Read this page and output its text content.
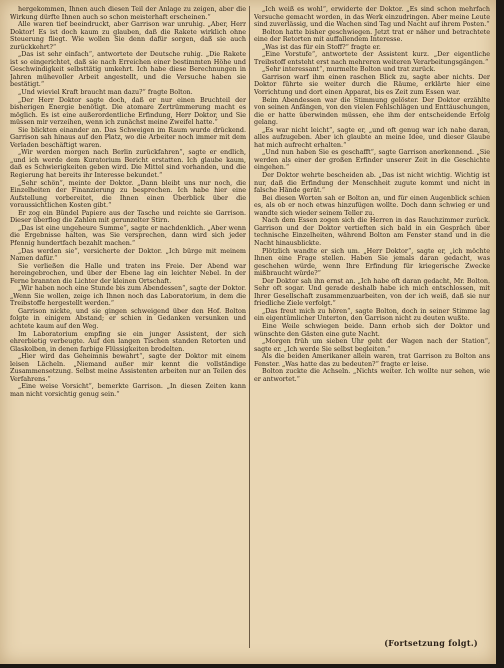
hergekommen, Ihnen auch diesen Teil der Anlage zu zeigen, aber die Wirkung dürfte Ihnen auch so schon meisterhaft erscheinen.“

Alle waren tief beeindruckt, aber Garrison war unruhig. „Aber, Herr Doktor! Es ist doch kaum zu glauben, daß die Rakete wirklich ohne Steuerung fliegt. Wie wollen Sie denn dafür sorgen, daß sie auch zurückkehrt?“

„Das ist sehr einfach“, antwortete der Deutsche ruhig. „Die Rakete ist so eingerichtet, daß sie nach Erreichen einer bestimmten Höhe und Geschwindigkeit selbsttätig umkehrt. Ich habe diese Berechnungen in Jahren mühevoller Arbeit angestellt, und die Versuche haben sie bestätigt.“

„Und wieviel Kraft braucht man dazu?“ fragte Bolton.

„Der Herr Doktor sagte doch, daß er nur einen Bruchteil der bisherigen Energie benötigt. Die atomare Zertrümmerung macht es möglich. Es ist eine außerordentliche Erfindung, Herr Doktor, und Sie müssen mir verzeihen, wenn ich zunächst meine Zweifel hatte.“

Sie blickten einander an. Das Schweigen im Raum wurde drückend. Garrison sah hinaus auf den Platz, wo die Arbeiter noch immer mit dem Verladen beschäftigt waren.

„Wir werden morgen nach Berlin zurückfahren“, sagte er endlich, „und ich werde dem Kuratorium Bericht erstatten. Ich glaube kaum, daß es Schwierigkeiten geben wird. Die Mittel sind vorhanden, und die Regierung hat bereits ihr Interesse bekundet.“

„Sehr schön“, meinte der Doktor. „Dann bleibt uns nur noch, die Einzelheiten der Finanzierung zu besprechen. Ich habe hier eine Aufstellung vorbereitet, die Ihnen einen Überblick über die voraussichtlichen Kosten gibt.“

Er zog ein Bündel Papiere aus der Tasche und reichte sie Garrison. Dieser überflog die Zahlen mit gerunzelter Stirn.

„Das ist eine ungeheure Summe“, sagte er nachdenklich. „Aber wenn die Ergebnisse halten, was Sie versprechen, dann wird sich jeder Pfennig hundertfach bezahlt machen.“

„Das werden sie“, versicherte der Doktor. „Ich bürge mit meinem Namen dafür.“

Sie verließen die Halle und traten ins Freie. Der Abend war hereingebrochen, und über der Ebene lag ein leichter Nebel. In der Ferne brannten die Lichter der kleinen Ortschaft.

„Wir haben noch eine Stunde bis zum Abendessen“, sagte der Doktor. „Wenn Sie wollen, zeige ich Ihnen noch das Laboratorium, in dem die Treibstoffe hergestellt werden.“

Garrison nickte, und sie gingen schweigend über den Hof. Bolton folgte in einigem Abstand; er schien in Gedanken versunken und achtete kaum auf den Weg.

Im Laboratorium empfing sie ein junger Assistent, der sich ehrerbietig verbeugte. Auf den langen Tischen standen Retorten und Glaskolben, in denen farbige Flüssigkeiten brodelten.

„Hier wird das Geheimnis bewahrt“, sagte der Doktor mit einem leisen Lächeln. „Niemand außer mir kennt die vollständige Zusammensetzung. Selbst meine Assistenten arbeiten nur an Teilen des Verfahrens.“

„Eine weise Vorsicht“, bemerkte Garrison. „In diesen Zeiten kann man nicht vorsichtig genug sein.“

„Ich weiß es wohl“, erwiderte der Doktor. „Es sind schon mehrfach Versuche gemacht worden, in das Werk einzudringen. Aber meine Leute sind zuverlässig, und die Wachen sind Tag und Nacht auf ihrem Posten.“

Bolton hatte bisher geschwiegen. Jetzt trat er näher und betrachtete eine der Retorten mit auffallendem Interesse.

„Was ist das für ein Stoff?“ fragte er.

„Eine Vorstufe“, antwortete der Assistent kurz. „Der eigentliche Treibstoff entsteht erst nach mehreren weiteren Verarbeitungsgängen.“

„Sehr interessant“, murmelte Bolton und trat zurück.

Garrison warf ihm einen raschen Blick zu, sagte aber nichts. Der Doktor führte sie weiter durch die Räume, erklärte hier eine Vorrichtung und dort einen Apparat, bis es Zeit zum Essen war.

Beim Abendessen war die Stimmung gelöster. Der Doktor erzählte von seinen Anfängen, von den vielen Fehlschlägen und Enttäuschungen, die er hatte überwinden müssen, ehe ihm der entscheidende Erfolg gelang.

„Es war nicht leicht“, sagte er, „und oft genug war ich nahe daran, alles aufzugeben. Aber ich glaubte an meine Idee, und dieser Glaube hat mich aufrecht erhalten.“

„Und nun haben Sie es geschafft“, sagte Garrison anerkennend. „Sie werden als einer der großen Erfinder unserer Zeit in die Geschichte eingehen.“

Der Doktor wehrte bescheiden ab. „Das ist nicht wichtig. Wichtig ist nur, daß die Erfindung der Menschheit zugute kommt und nicht in falsche Hände gerät.“

Bei diesen Worten sah er Bolton an, und für einen Augenblick schien es, als ob er noch etwas hinzufügen wollte. Doch dann schwieg er und wandte sich wieder seinem Teller zu.

Nach dem Essen zogen sich die Herren in das Rauchzimmer zurück. Garrison und der Doktor vertieften sich bald in ein Gespräch über technische Einzelheiten, während Bolton am Fenster stand und in die Nacht hinausblickte.

Plötzlich wandte er sich um. „Herr Doktor“, sagte er, „ich möchte Ihnen eine Frage stellen. Haben Sie jemals daran gedacht, was geschehen würde, wenn Ihre Erfindung für kriegerische Zwecke mißbraucht würde?“

Der Doktor sah ihn ernst an. „Ich habe oft daran gedacht, Mr. Bolton. Sehr oft sogar. Und gerade deshalb habe ich mich entschlossen, mit Ihrer Gesellschaft zusammenzuarbeiten, von der ich weiß, daß sie nur friedliche Ziele verfolgt.“

„Das freut mich zu hören“, sagte Bolton, doch in seiner Stimme lag ein eigentümlicher Unterton, den Garrison nicht zu deuten wußte.

Eine Weile schwiegen beide. Dann erhob sich der Doktor und wünschte den Gästen eine gute Nacht.

„Morgen früh um sieben Uhr geht der Wagen nach der Station“, sagte er. „Ich werde Sie selbst begleiten.“

Als die beiden Amerikaner allein waren, trat Garrison zu Bolton ans Fenster. „Was hatte das zu bedeuten?“ fragte er leise.

Bolton zuckte die Achseln. „Nichts weiter. Ich wollte nur sehen, wie er antwortet.“

(Fortsetzung folgt.)
